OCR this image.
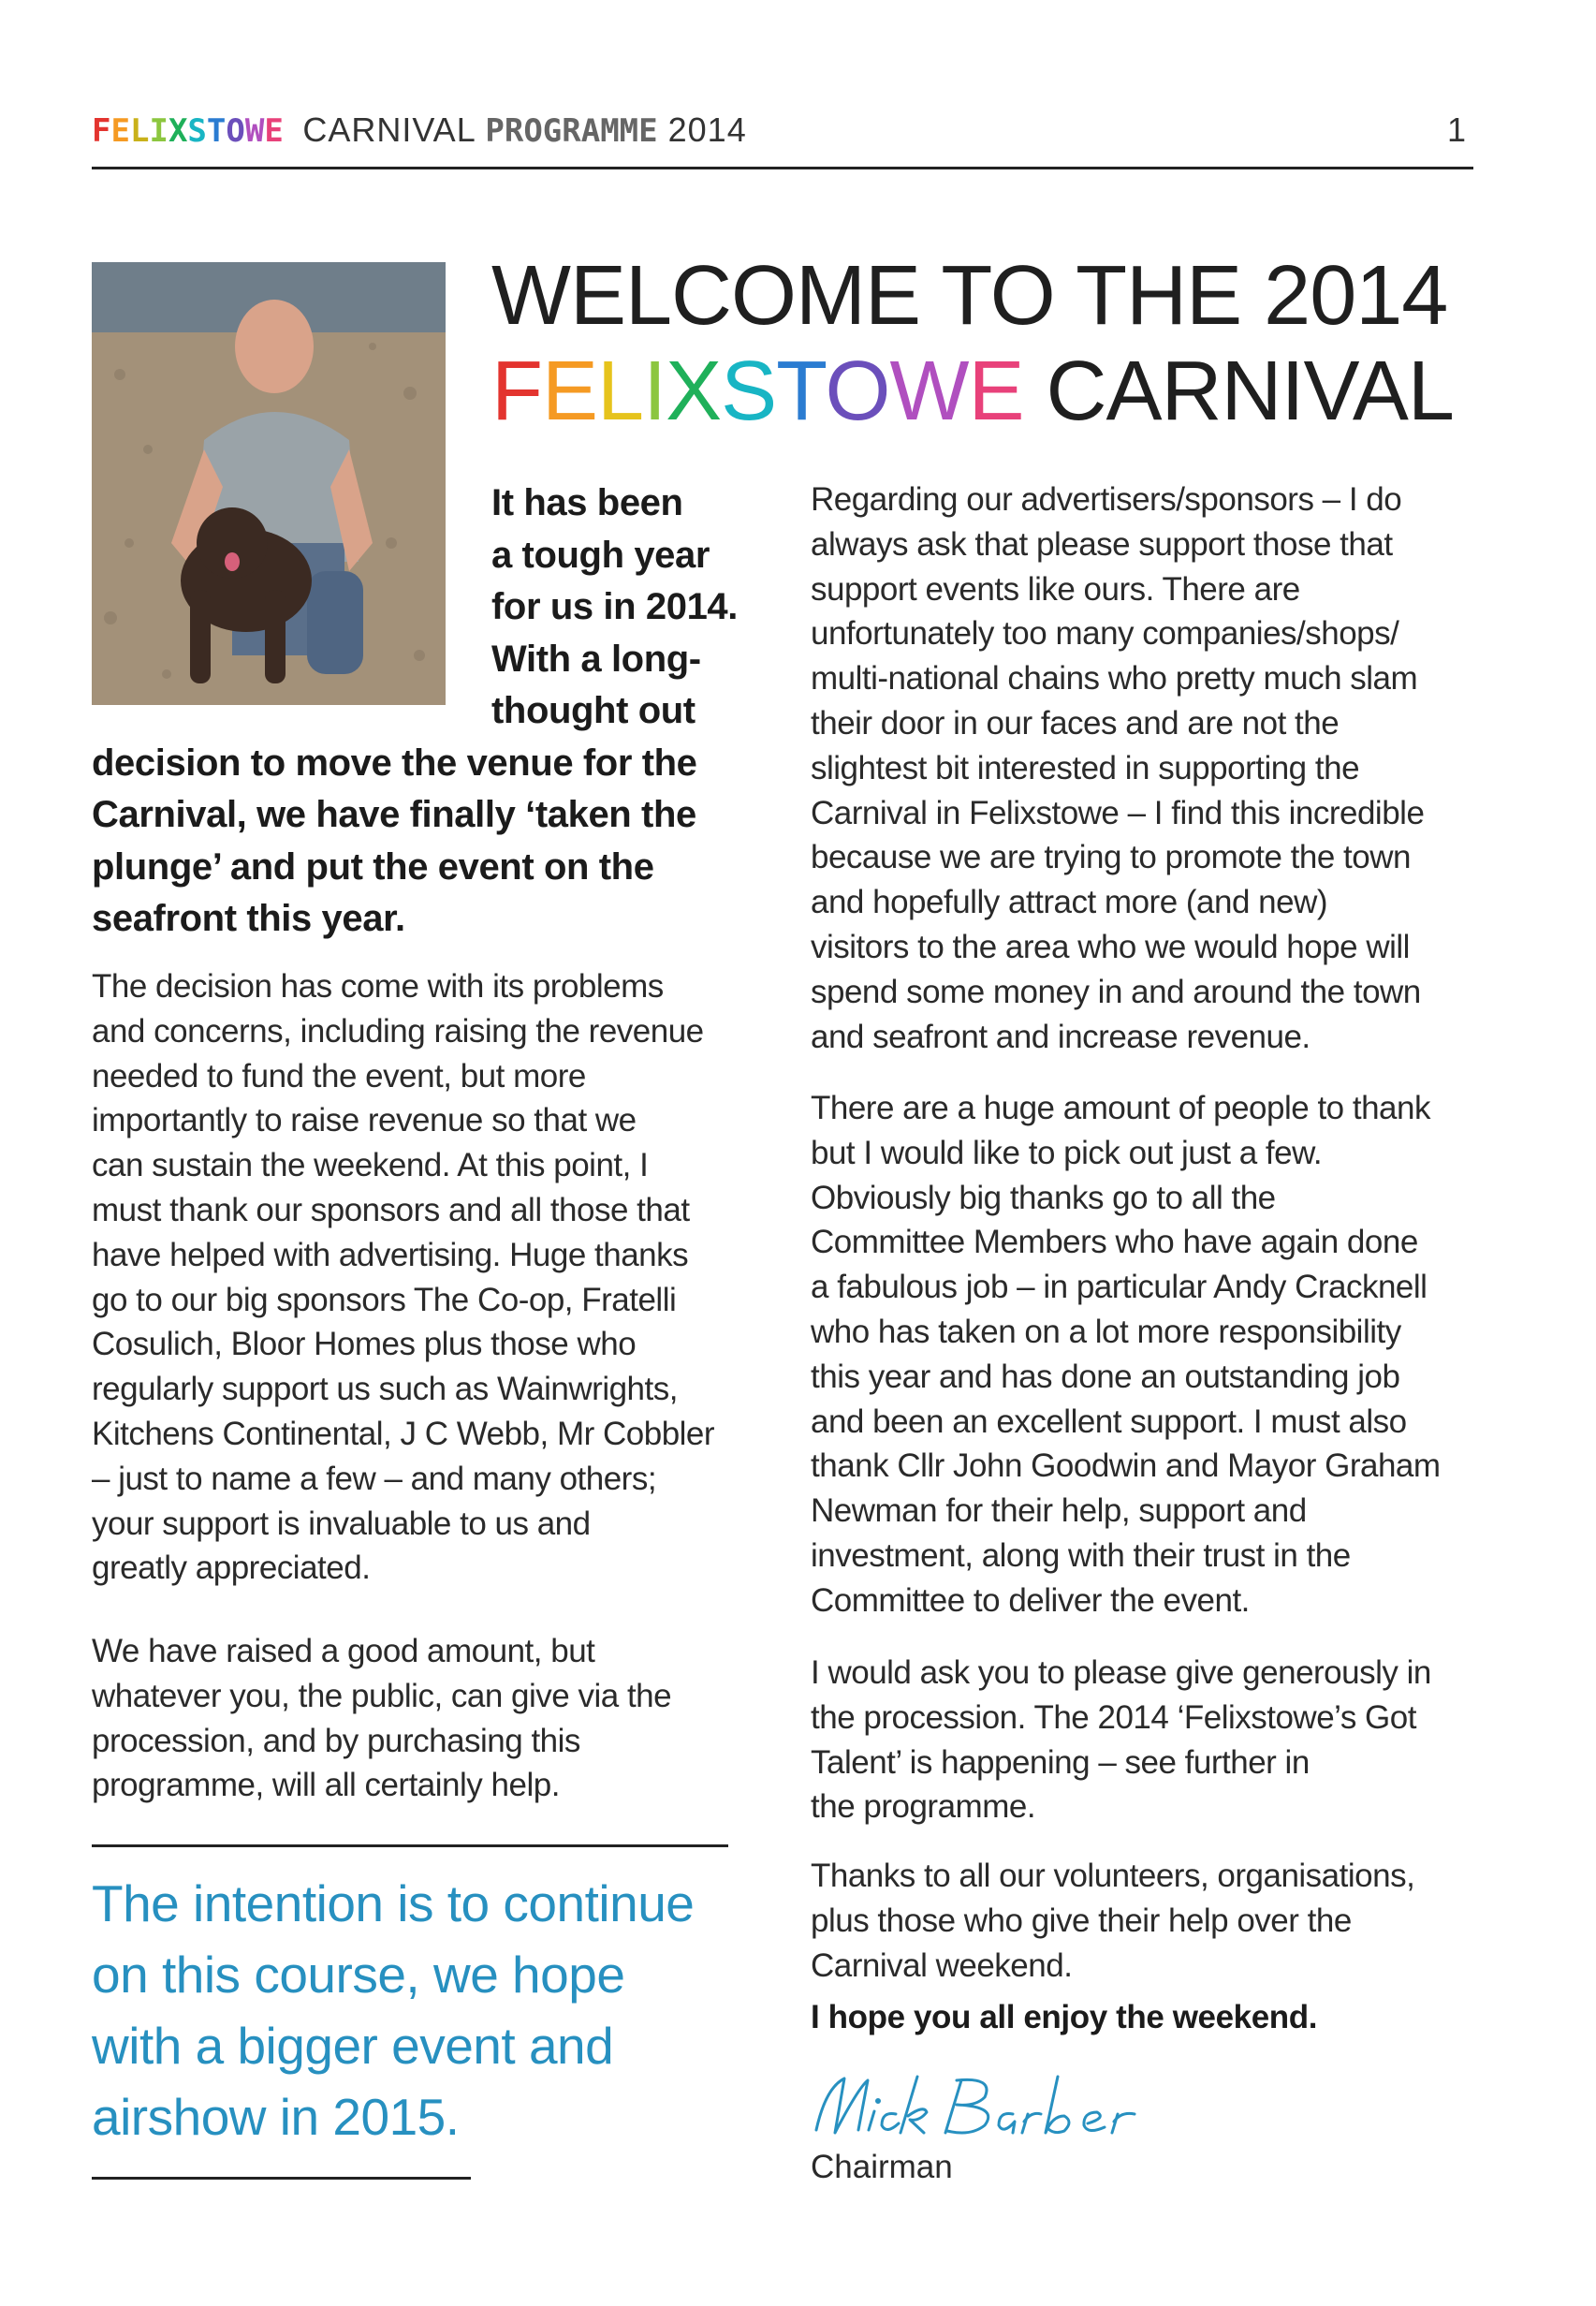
FELIXSTOWE CARNIVAL PROGRAMME 2014	1
WELCOME TO THE 2014
FELIXSTOWE CARNIVAL
It has been
a tough year
for us in 2014.
With a long-
thought out
decision to move the venue for the
Carnival, we have finally ‘taken the
plunge’ and put the event on the
seafront this year.
The decision has come with its problems
and concerns, including raising the revenue
needed to fund the event, but more
importantly to raise revenue so that we
can sustain the weekend. At this point, I
must thank our sponsors and all those that
have helped with advertising. Huge thanks
go to our big sponsors The Co-op, Fratelli
Cosulich, Bloor Homes plus those who
regularly support us such as Wainwrights,
Kitchens Continental, J C Webb, Mr Cobbler
– just to name a few – and many others;
your support is invaluable to us and
greatly appreciated.
We have raised a good amount, but
whatever you, the public, can give via the
procession, and by purchasing this
programme, will all certainly help.
The intention is to continue
on this course, we hope
with a bigger event and
airshow in 2015.
Regarding our advertisers/sponsors – I do
always ask that please support those that
support events like ours. There are
unfortunately too many companies/shops/
multi-national chains who pretty much slam
their door in our faces and are not the
slightest bit interested in supporting the
Carnival in Felixstowe – I find this incredible
because we are trying to promote the town
and hopefully attract more (and new)
visitors to the area who we would hope will
spend some money in and around the town
and seafront and increase revenue.
There are a huge amount of people to thank
but I would like to pick out just a few.
Obviously big thanks go to all the
Committee Members who have again done
a fabulous job – in particular Andy Cracknell
who has taken on a lot more responsibility
this year and has done an outstanding job
and been an excellent support. I must also
thank Cllr John Goodwin and Mayor Graham
Newman for their help, support and
investment, along with their trust in the
Committee to deliver the event.
I would ask you to please give generously in
the procession. The 2014 ‘Felixstowe’s Got
Talent’ is happening – see further in
the programme.
Thanks to all our volunteers, organisations,
plus those who give their help over the
Carnival weekend.
I hope you all enjoy the weekend.
Chairman
